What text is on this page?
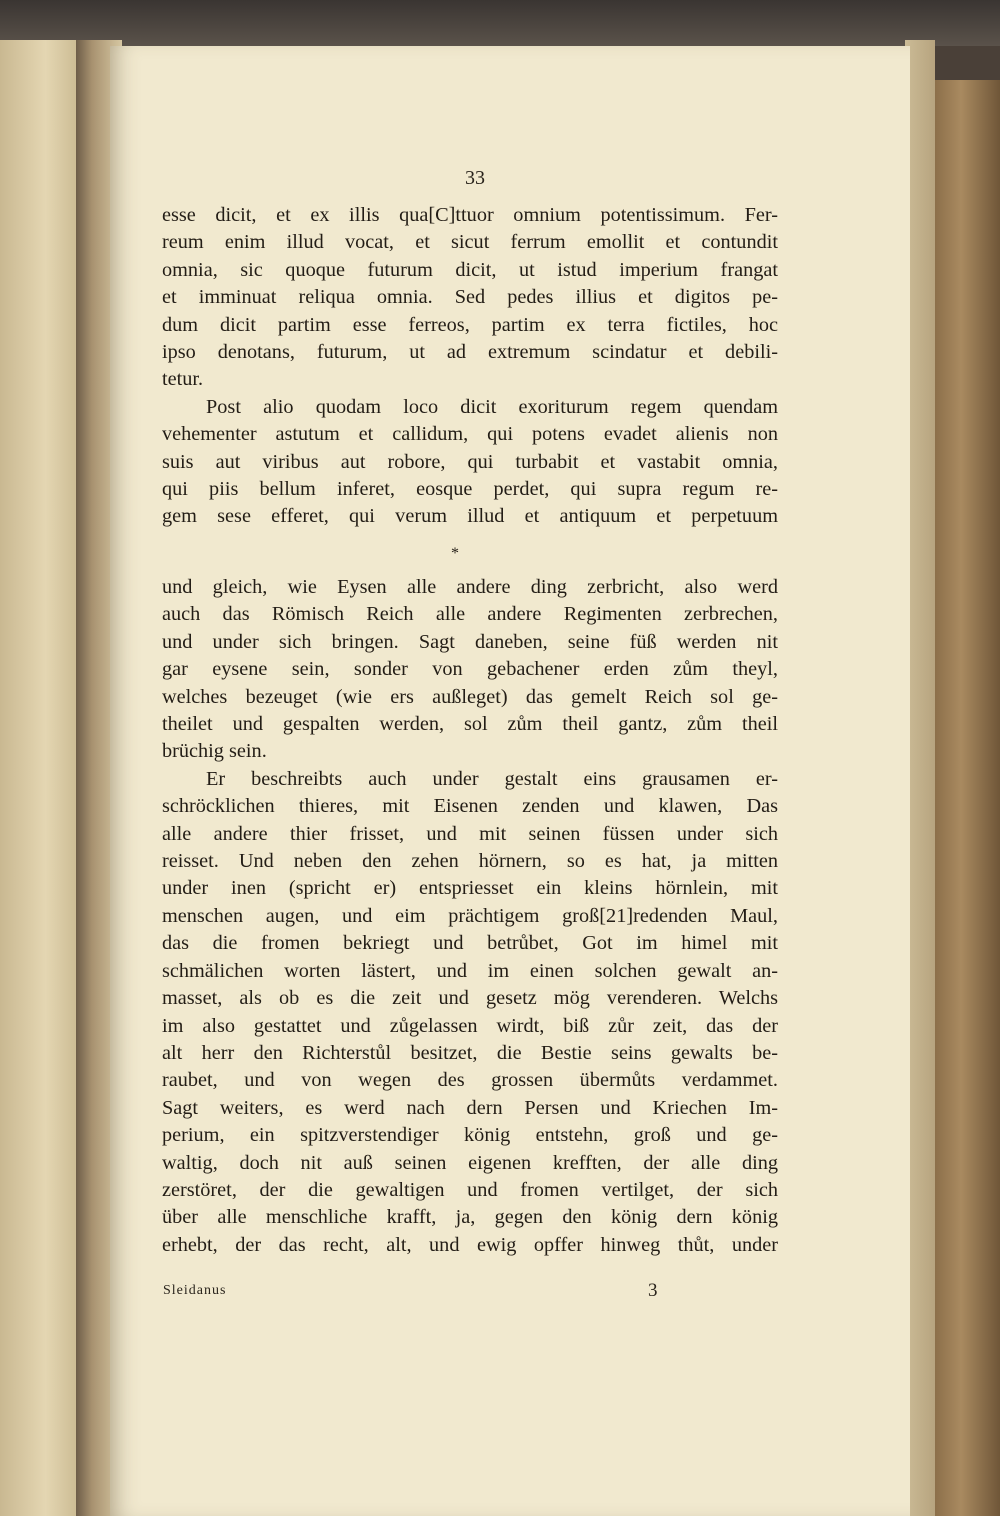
33
esse dicit, et ex illis qua[C]ttuor omnium potentissimum. Fer-
reum enim illud vocat, et sicut ferrum emollit et contundit
omnia, sic quoque futurum dicit, ut istud imperium frangat
et imminuat reliqua omnia. Sed pedes illius et digitos pe-
dum dicit partim esse ferreos, partim ex terra fictiles, hoc
ipso denotans, futurum, ut ad extremum scindatur et debili-
tetur.
Post alio quodam loco dicit exoriturum regem quendam
vehementer astutum et callidum, qui potens evadet alienis non
suis aut viribus aut robore, qui turbabit et vastabit omnia,
qui piis bellum inferet, eosque perdet, qui supra regum re-
gem sese efferet, qui verum illud et antiquum et perpetuum
*
und gleich, wie Eysen alle andere ding zerbricht, also werd
auch das Römisch Reich alle andere Regimenten zerbrechen,
und under sich bringen. Sagt daneben, seine füß werden nit
gar eysene sein, sonder von gebachener erden zům theyl,
welches bezeuget (wie ers außleget) das gemelt Reich sol ge-
theilet und gespalten werden, sol zům theil gantz, zům theil
brüchig sein.
Er beschreibts auch under gestalt eins grausamen er-
schröcklichen thieres, mit Eisenen zenden und klawen, Das
alle andere thier frisset, und mit seinen füssen under sich
reisset. Und neben den zehen hörnern, so es hat, ja mitten
under inen (spricht er) entspriesset ein kleins hörnlein, mit
menschen augen, und eim prächtigem groß[21]redenden Maul,
das die fromen bekriegt und betrůbet, Got im himel mit
schmälichen worten lästert, und im einen solchen gewalt an-
masset, als ob es die zeit und gesetz mög verenderen. Welchs
im also gestattet und zůgelassen wirdt, biß zůr zeit, das der
alt herr den Richterstůl besitzet, die Bestie seins gewalts be-
raubet, und von wegen des grossen übermůts verdammet.
Sagt weiters, es werd nach dern Persen und Kriechen Im-
perium, ein spitzverstendiger könig entstehn, groß und ge-
waltig, doch nit auß seinen eigenen krefften, der alle ding
zerstöret, der die gewaltigen und fromen vertilget, der sich
über alle menschliche krafft, ja, gegen den könig dern könig
erhebt, der das recht, alt, und ewig opffer hinweg thůt, under
Sleidanus	3
